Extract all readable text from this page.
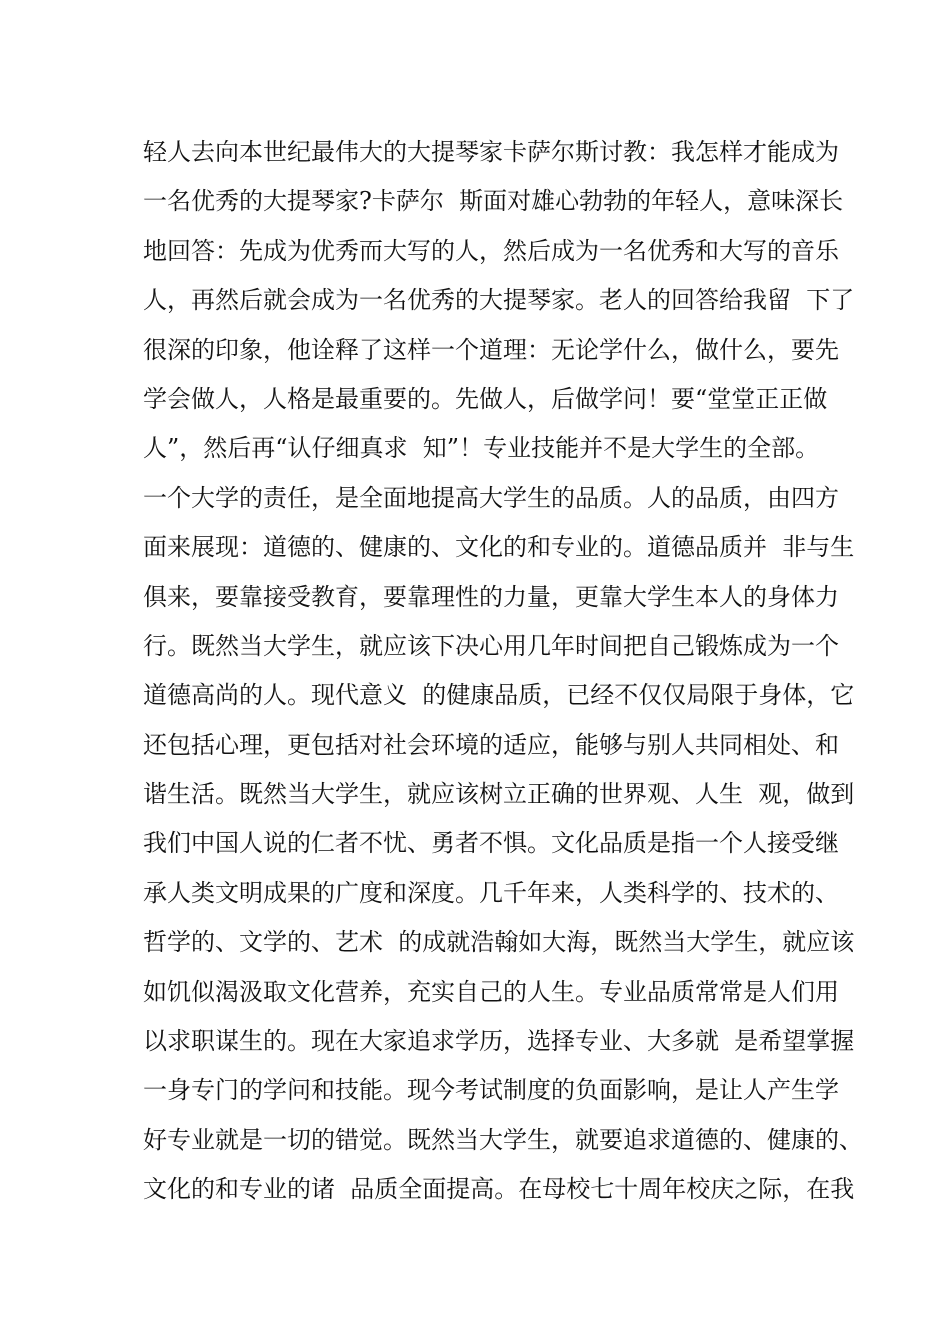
轻人去向本世纪最伟大的大提琴家卡萨尔斯讨教：我怎样才能成为
一名优秀的大提琴家?卡萨尔  斯面对雄心勃勃的年轻人，意味深长
地回答：先成为优秀而大写的人，然后成为一名优秀和大写的音乐
人，再然后就会成为一名优秀的大提琴家。老人的回答给我留  下了
很深的印象，他诠释了这样一个道理：无论学什么，做什么，要先
学会做人，人格是最重要的。先做人，后做学问！要“堂堂正正做
人”，然后再“认仔细真求  知”！专业技能并不是大学生的全部。
一个大学的责任，是全面地提高大学生的品质。人的品质，由四方
面来展现：道德的、健康的、文化的和专业的。道德品质并  非与生
俱来，要靠接受教育，要靠理性的力量，更靠大学生本人的身体力
行。既然当大学生，就应该下决心用几年时间把自己锻炼成为一个
道德高尚的人。现代意义  的健康品质，已经不仅仅局限于身体，它
还包括心理，更包括对社会环境的适应，能够与别人共同相处、和
谐生活。既然当大学生，就应该树立正确的世界观、人生  观，做到
我们中国人说的仁者不忧、勇者不惧。文化品质是指一个人接受继
承人类文明成果的广度和深度。几千年来，人类科学的、技术的、
哲学的、文学的、艺术  的成就浩翰如大海，既然当大学生，就应该
如饥似渴汲取文化营养，充实自己的人生。专业品质常常是人们用
以求职谋生的。现在大家追求学历，选择专业、大多就  是希望掌握
一身专门的学问和技能。现今考试制度的负面影响，是让人产生学
好专业就是一切的错觉。既然当大学生，就要追求道德的、健康的、
文化的和专业的诸  品质全面提高。在母校七十周年校庆之际，在我
